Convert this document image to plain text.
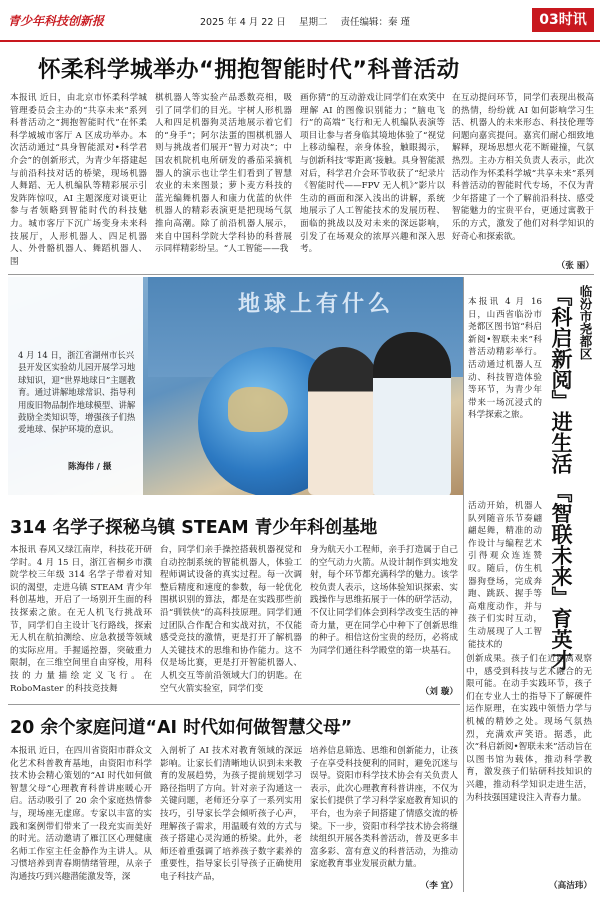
青少年科技创新报	2025 年 4 月 22 日 星期二 责任编辑：秦 瑾	03时讯
怀柔科学城举办“拥抱智能时代”科普活动
本报讯 近日，由北京市怀柔科学城管理委员会主办的“共享未来”系列科普活动之“拥抱智能时代”在怀柔科学城城市客厅 A 区成功举办。本次活动通过“具身智能派对•科学君介会”的创新形式，为青少年搭建起与前沿科技对话的桥梁，现场机器人舞蹈、无人机编队等精彩展示引发阵阵惊叹，AI 主题深度对谈更让参与者领略到智能时代的科技魅力。城市客厅下沉广场变身未来科技展厅，人形机器人、四足机器人、外骨骼机器人、舞蹈机器人、围
棋机器人等实验产品悉数亮相，吸引了同学们的目光。宇树人形机器人和四足机器狗灵活地展示着它们的“身手”；阿尔法蛋的围棋机器人则与挑战者们展开“智力对决”；中国农机院机电所研发的番茄采摘机器人的演示也让学生们看到了智慧农业的未来图景；萝卜麦方科技的蓝光编舞机器人和康力优蓝的伙伴机器人的精彩表演更是把现场气氛推向高潮。除了前沿机器人展示，来自中国科学院大学科协的科普展示同样精彩纷呈。“人工智能——我
画你猜”的互动游戏让同学们在欢笑中理解 AI 的图像识别能力；“脑电飞行”的高端“飞行和无人机编队表演等项目让参与者身临其境地体验了“视觉上移动编程，亲身体验，触眼揭示，与创新科技‘零距离’接触。具身智能派对后，科学君介会环节收获了“纪录片《智能时代——FPV 无人机》”影片以生动的画面和深入浅出的讲解，系统地展示了人工智能技术的发展历程、面临的挑战以及对未来的深远影响，引发了在场观众的浓厚兴趣和深入思考。
在互动提问环节，同学们表现出极高的热情，纷纷就 AI 如何影响学习生活、机器人的未来形态、科技伦理等问题向嘉宾提问。嘉宾们耐心细致地解释，现场思想火花不断碰撞，气氛热烈。主办方相关负责人表示，此次活动作为怀柔科学城“共享未来”系列科普活动的智能时代专场，不仅为青少年搭建了一个了解前沿科技、感受智能魅力的宝贵平台，更通过寓教于乐的方式，激发了他们对科学知识的好奇心和探索欲。
（张 丽）
地球上有什么
4 月 14 日，浙江省湖州市长兴县开发区实验幼儿园开展学习地球知识，迎“世界地球日”主题教育。通过讲解地球常识、指导利用废旧物品制作地球模型、讲解鼓励全类知识等，增强孩子们热爱地球、保护环境的意识。
陈海伟 / 摄
临汾市尧都区
『科启新阅』进生活 『智联未来』育英才
本报讯 4 月 16 日，山西省临汾市尧都区图书馆“科启新阅•智联未来”科普活动精彩举行。活动通过机器人互动、科技智造体验等环节，为青少年带来一场沉浸式的科学探索之旅。
活动开始，机器人队列随音乐节奏翩翩起舞，精准的动作设计与编程艺术引得观众连连赞叹。随后，仿生机器狗登场，完成奔跑、跳跃、握手等高难度动作，并与孩子们实时互动，生动展现了人工智能技术的
创新成果。孩子们在近距离观察中，感受到科技与艺术融合的无限可能。在动手实践环节，孩子们在专业人士的指导下了解硬件运作原理，在实践中领悟力学与机械的精妙之处。现场气氛热烈，充满欢声笑语。据悉，此次“科启新阅•智联未来”活动旨在以图书馆为载体，推动科学教育，激发孩子们钻研科技知识的兴趣，推动科学知识走进生活，为科技强国建设注入青春力量。
（高洁玮）
314 名学子探秘乌镇 STEAM 青少年科创基地
本报讯 春风又绿江南岸，科技花开研学时。4 月 15 日，浙江省桐乡市濮院学校三年级 314 名学子带着对知识的渴望，走进乌镇 STEAM 青少年科创基地，开启了一场别开生面的科技探索之旅。在无人机飞行挑战环节，同学们自主设计飞行路线，探索无人机在航拍测绘、应急救援等领域的实际应用。手握遥控器，突破重力限制，在三维空间里自由穿梭，用科技的力量描绘定义飞行。在 RoboMaster 的科技竞技舞
台，同学们亲手操控搭载机器视觉和自动控制系统的智能机器人，体验工程师调试设备的真实过程。每一次调整后精度和速度的参数，每一轮优化围棋识别的算法，都是在实践那些前沿“驯铁侠”的高科技原理。同学们通过团队合作配合和实战对抗，不仅能感受竞技的激情，更是打开了解机器人关键技术的思维和协作能力。这不仅是场比赛，更是打开智能机器人、人机交互等前沿领域大门的钥匙。在空气火箭实验室，同学们变
身为航天小工程师，亲手打造属于自己的空气动力火箭。从设计制作到实地发射，每个环节都充满科学的魅力。该学校负责人表示，这场体验知识探索、实践操作与思维拓展于一体的研学活动，不仅让同学们体会到科学改变生活的神奇力量，更在同学心中种下了创新思维的种子。相信这份宝贵的经历，必将成为同学们通往科学殿堂的第一块基石。
（刘 璇）
20 余个家庭问道“AI 时代如何做智慧父母”
本报讯 近日，在四川省资阳市群众文化艺术科普教育基地，由资阳市科学技术协会精心策划的“AI 时代如何做智慧父母”心理教育科普讲座暖心开启。活动吸引了 20 余个家庭热情参与，现场座无虚席。专家以丰富的实践和案例带们带来了一段充实而美好的时光。活动邀请了雁江区心理健康名师工作室主任金静作为主讲人。从习惯培养到青春期情绪管理，从亲子沟通技巧到兴趣潜能激发等，深
入剖析了 AI 技术对教育领域的深远影响。让家长们清晰地认识到未来教育的发展趋势，为孩子提前规划学习路径指明了方向。针对亲子沟通这一关键问题，老师还分享了一系列实用技巧，引导家长学会倾听孩子心声，理解孩子需求，用温暖有效的方式与孩子搭建心灵沟通的桥梁。此外，老师还着重强调了培养孩子数字素养的重要性，指导家长引导孩子正确使用电子科技产品，
培养信息筛选、思维和创新能力，让孩子在享受科技便利的同时，避免沉迷与误导。资阳市科学技术协会有关负责人表示，此次心理教育科普讲座，不仅为家长们提供了学习科学家庭教育知识的平台，也为亲子间搭建了情感交流的桥梁。下一步，资阳市科学技术协会将继续组织开展各类科普活动，普及更多丰富多彩、富有意义的科普活动，为推动家庭教育事业发展贡献力量。
（李 宜）
